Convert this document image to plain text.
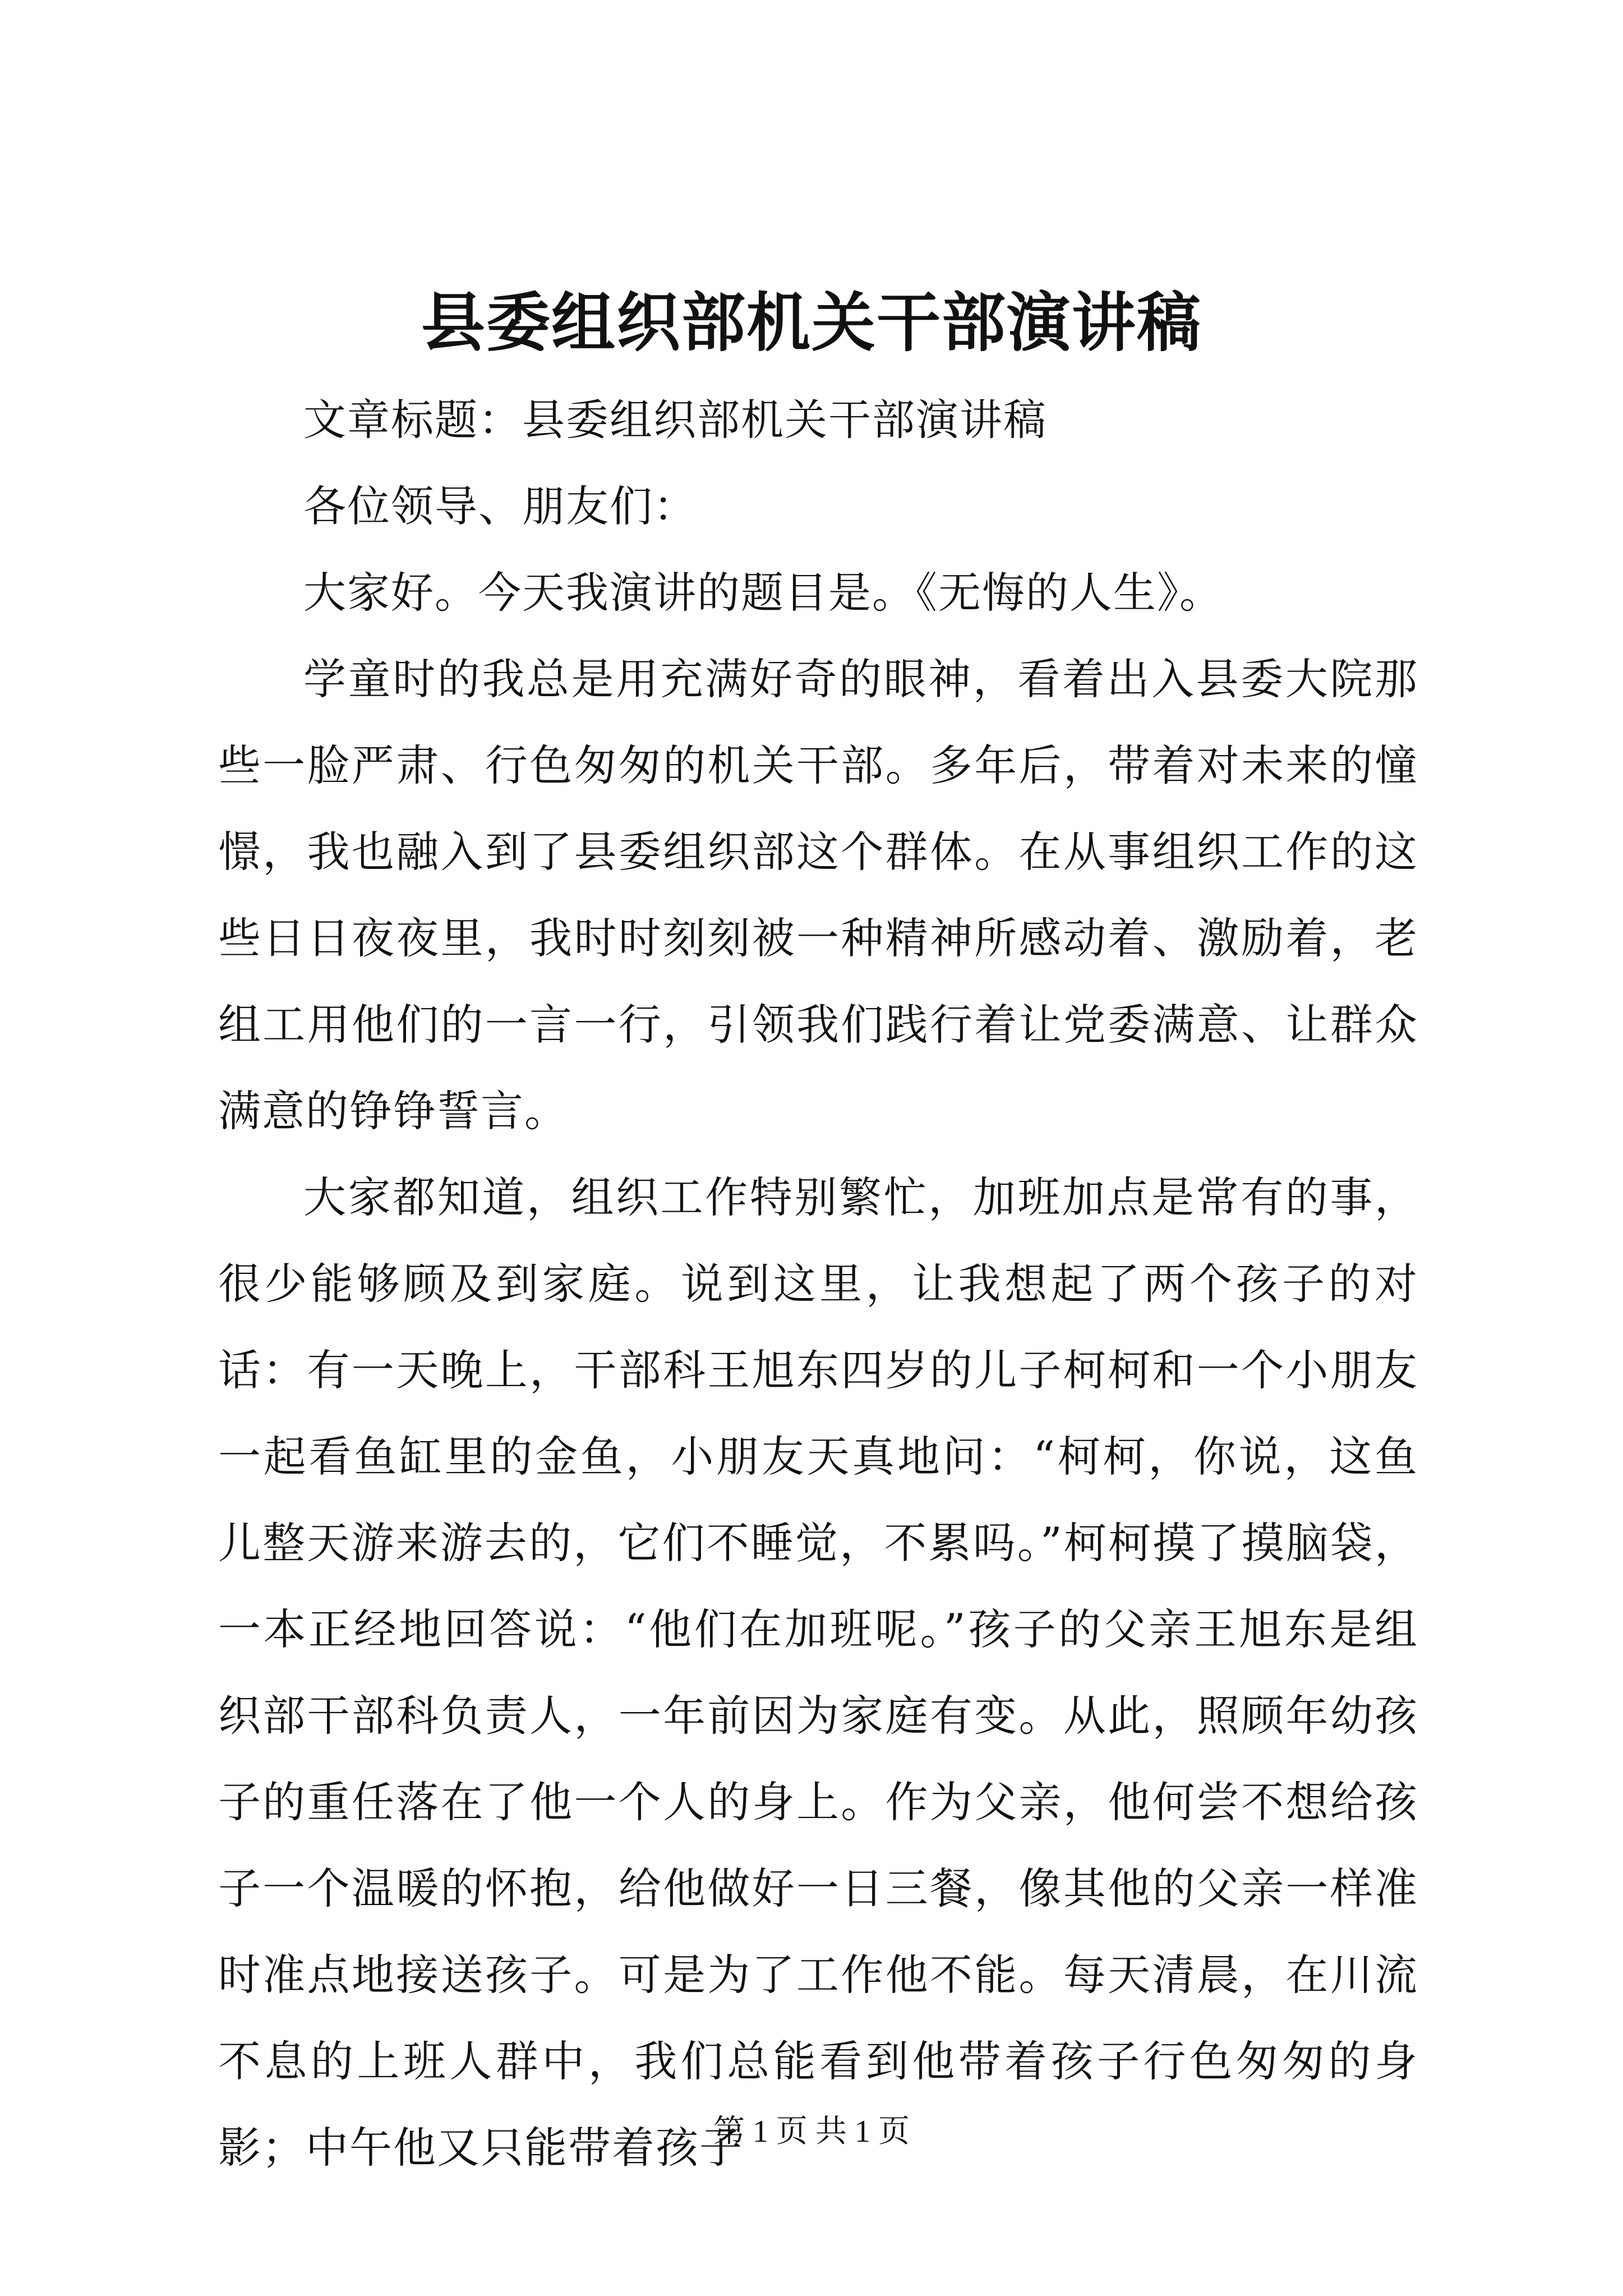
县委组织部机关干部演讲稿

文章标题：县委组织部机关干部演讲稿

各位领导、朋友们：

大家好。今天我演讲的题目是。《无悔的人生》。

学童时的我总是用充满好奇的眼神，看着出入县委大院那些一脸严肃、行色匆匆的机关干部。多年后，带着对未来的憧憬，我也融入到了县委组织部这个群体。在从事组织工作的这些日日夜夜里，我时时刻刻被一种精神所感动着、激励着，老组工用他们的一言一行，引领我们践行着让党委满意、让群众满意的铮铮誓言。

大家都知道，组织工作特别繁忙，加班加点是常有的事，很少能够顾及到家庭。说到这里，让我想起了两个孩子的对话：有一天晚上，干部科王旭东四岁的儿子柯柯和一个小朋友一起看鱼缸里的金鱼，小朋友天真地问：“柯柯，你说，这鱼儿整天游来游去的，它们不睡觉，不累吗。”柯柯摸了摸脑袋，一本正经地回答说：“他们在加班呢。”孩子的父亲王旭东是组织部干部科负责人，一年前因为家庭有变。从此，照顾年幼孩子的重任落在了他一个人的身上。作为父亲，他何尝不想给孩子一个温暖的怀抱，给他做好一日三餐，像其他的父亲一样准时准点地接送孩子。可是为了工作他不能。每天清晨，在川流不息的上班人群中，我们总能看到他带着孩子行色匆匆的身影；中午他又只能带着孩子

第 1 页 共 1 页
